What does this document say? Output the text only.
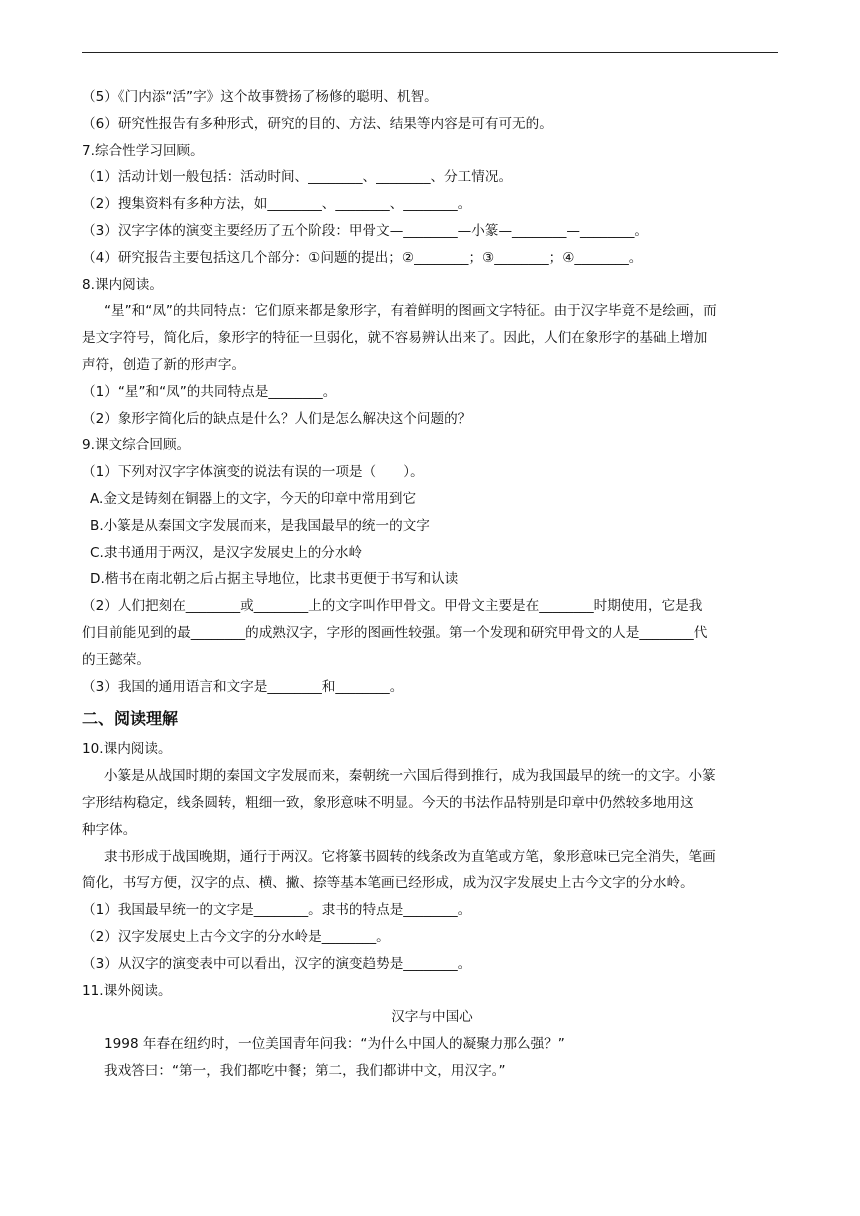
（5）《门内添“活”字》这个故事赞扬了杨修的聪明、机智。
（6）研究性报告有多种形式，研究的目的、方法、结果等内容是可有可无的。
7.综合性学习回顾。
（1）活动计划一般包括：活动时间、________、________、分工情况。
（2）搜集资料有多种方法，如________、________、________。
（3）汉字字体的演变主要经历了五个阶段：甲骨文—________—小篆—________—________。
（4）研究报告主要包括这几个部分：①问题的提出；②________；③________；④________。
8.课内阅读。
“星”和“凤”的共同特点：它们原来都是象形字，有着鲜明的图画文字特征。由于汉字毕竟不是绘画，而
是文字符号，简化后，象形字的特征一旦弱化，就不容易辨认出来了。因此，人们在象形字的基础上增加
声符，创造了新的形声字。
（1）“星”和“凤”的共同特点是________。
（2）象形字简化后的缺点是什么？人们是怎么解决这个问题的？
9.课文综合回顾。
（1）下列对汉字字体演变的说法有误的一项是（　　）。
A.金文是铸刻在铜器上的文字，今天的印章中常用到它
B.小篆是从秦国文字发展而来，是我国最早的统一的文字
C.隶书通用于两汉，是汉字发展史上的分水岭
D.楷书在南北朝之后占据主导地位，比隶书更便于书写和认读
（2）人们把刻在________或________上的文字叫作甲骨文。甲骨文主要是在________时期使用，它是我
们目前能见到的最________的成熟汉字，字形的图画性较强。第一个发现和研究甲骨文的人是________代
的王懿荣。
（3）我国的通用语言和文字是________和________。
二、阅读理解
10.课内阅读。
小篆是从战国时期的秦国文字发展而来，秦朝统一六国后得到推行，成为我国最早的统一的文字。小篆
字形结构稳定，线条圆转，粗细一致，象形意味不明显。今天的书法作品特别是印章中仍然较多地用这
种字体。
隶书形成于战国晚期，通行于两汉。它将篆书圆转的线条改为直笔或方笔，象形意味已完全消失，笔画
简化，书写方便，汉字的点、横、撇、捺等基本笔画已经形成，成为汉字发展史上古今文字的分水岭。
（1）我国最早统一的文字是________。隶书的特点是________。
（2）汉字发展史上古今文字的分水岭是________。
（3）从汉字的演变表中可以看出，汉字的演变趋势是________。
11.课外阅读。
汉字与中国心
1998 年春在纽约时，一位美国青年问我：“为什么中国人的凝聚力那么强？”
我戏答曰：“第一，我们都吃中餐；第二，我们都讲中文，用汉字。”
